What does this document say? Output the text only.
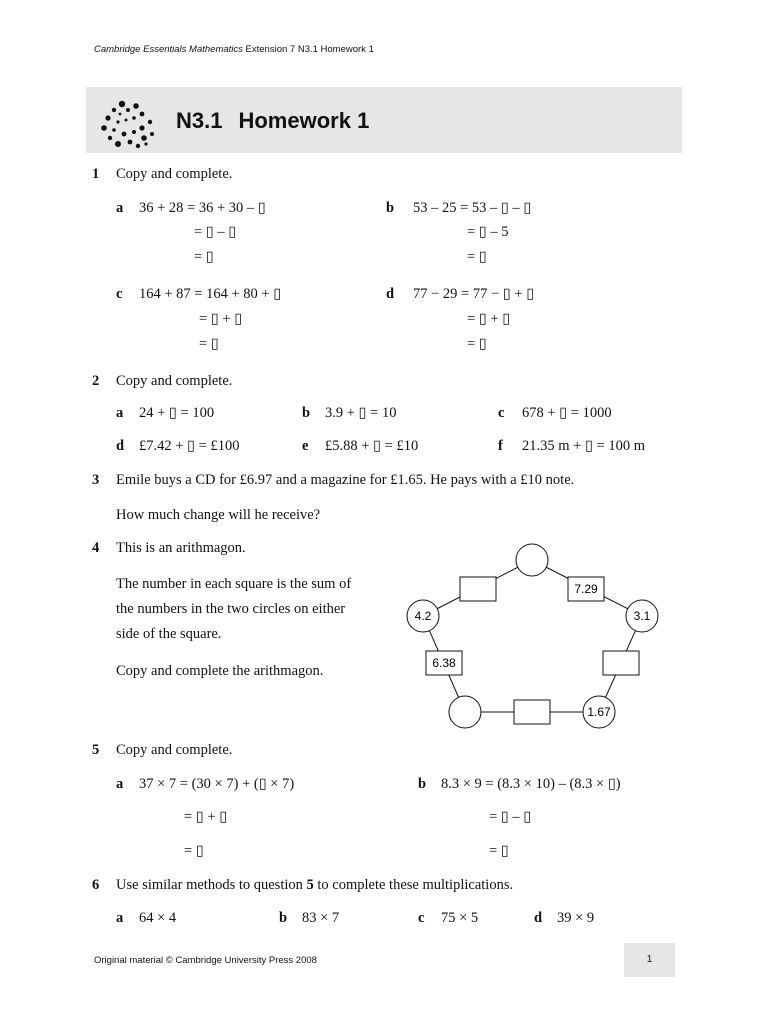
Cambridge Essentials Mathematics Extension 7 N3.1 Homework 1
N3.1 Homework 1
1 Copy and complete.
a 36 + 28 = 36 + 30 – ▯
= ▯ – ▯
= ▯
b 53 – 25 = 53 – ▯ – ▯
= ▯ – 5
= ▯
c 164 + 87 = 164 + 80 + ▯
= ▯ + ▯
= ▯
d 77 − 29 = 77 − ▯ + ▯
= ▯ + ▯
= ▯
2 Copy and complete.
a 24 + ▯ = 100	b 3.9 + ▯ = 10	c 678 + ▯ = 1000
d £7.42 + ▯ = £100	e £5.88 + ▯ = £10	f 21.35 m + ▯ = 100 m
3 Emile buys a CD for £6.97 and a magazine for £1.65. He pays with a £10 note.
How much change will he receive?
4 This is an arithmagon.
The number in each square is the sum of
the numbers in the two circles on either
side of the square.
Copy and complete the arithmagon.
4.2	3.1
1.67
7.29
6.38
5 Copy and complete.
a 37 × 7 = (30 × 7) + (▯ × 7)
= ▯ + ▯
= ▯
b 8.3 × 9 = (8.3 × 10) – (8.3 × ▯)
= ▯ – ▯
= ▯
6 Use similar methods to question 5 to complete these multiplications.
a 64 × 4	b 83 × 7	c 75 × 5	d 39 × 9
Original material © Cambridge University Press 2008	1
